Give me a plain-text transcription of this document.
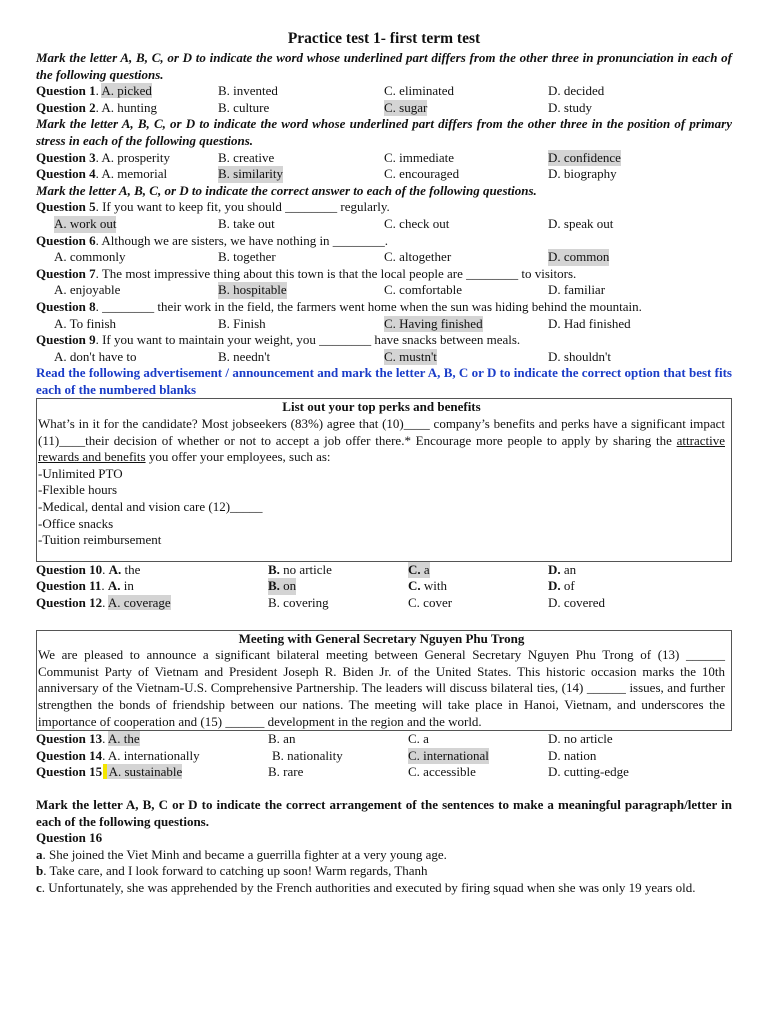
Practice test 1- first term test
Mark the letter A, B, C, or D to indicate the word whose underlined part differs from the other three in pronunciation in each of the following questions.
Question 1. A. picked	B. invented	C. eliminated	D. decided
Question 2. A. hunting	B. culture	C. sugar	D. study
Mark the letter A, B, C, or D to indicate the word whose underlined part differs from the other three in the position of primary stress in each of the following questions.
Question 3. A. prosperity	B. creative	C. immediate	D. confidence
Question 4. A. memorial	B. similarity	C. encouraged	D. biography
Mark the letter A, B, C, or D to indicate the correct answer to each of the following questions.
Question 5. If you want to keep fit, you should ________ regularly.
A. work out	B. take out	C. check out	D. speak out
Question 6. Although we are sisters, we have nothing in ________.
A. commonly	B. together	C. altogether	D. common
Question 7. The most impressive thing about this town is that the local people are ________ to visitors.
A. enjoyable	B. hospitable	C. comfortable	D. familiar
Question 8. ________ their work in the field, the farmers went home when the sun was hiding behind the mountain.
A. To finish	B. Finish	C. Having finished	D. Had finished
Question 9. If you want to maintain your weight, you ________ have snacks between meals.
A. don't have to	B. needn't	C. mustn't	D. shouldn't
Read the following advertisement / announcement and mark the letter A, B, C or D to indicate the correct option that best fits each of the numbered blanks
List out your top perks and benefits

What’s in it for the candidate? Most jobseekers (83%) agree that (10)____ company’s benefits and perks have a significant impact (11)____their decision of whether or not to accept a job offer there.* Encourage more people to apply by sharing the attractive rewards and benefits you offer your employees, such as:

-Unlimited PTO
-Flexible hours
-Medical, dental and vision care (12)_____
-Office snacks
-Tuition reimbursement
Question 10. A. the	B. no article	C. a	D. an
Question 11. A. in	B. on	C. with	D. of
Question 12. A. coverage	B. covering	C. cover	D. covered
Meeting with General Secretary Nguyen Phu Trong

We are pleased to announce a significant bilateral meeting between General Secretary Nguyen Phu Trong of (13) ______ Communist Party of Vietnam and President Joseph R. Biden Jr. of the United States. This historic occasion marks the 10th anniversary of the Vietnam-U.S. Comprehensive Partnership. The leaders will discuss bilateral ties, (14) ______ issues, and further strengthen the bonds of friendship between our nations. The meeting will take place in Hanoi, Vietnam, and underscores the importance of cooperation and (15) ______ development in the region and the world.

Question 13. A. the	B. an	C. a	D. no article
Question 14. A. internationally	B. nationality	C. international	D. nation
Question 15 A. sustainable	B. rare	C. accessible	D. cutting-edge
Mark the letter A, B, C or D to indicate the correct arrangement of the sentences to make a meaningful paragraph/letter in each of the following questions.
Question 16
a. She joined the Viet Minh and became a guerrilla fighter at a very young age.
b. Take care, and I look forward to catching up soon! Warm regards, Thanh
c. Unfortunately, she was apprehended by the French authorities and executed by firing squad when she was only 19 years old.
